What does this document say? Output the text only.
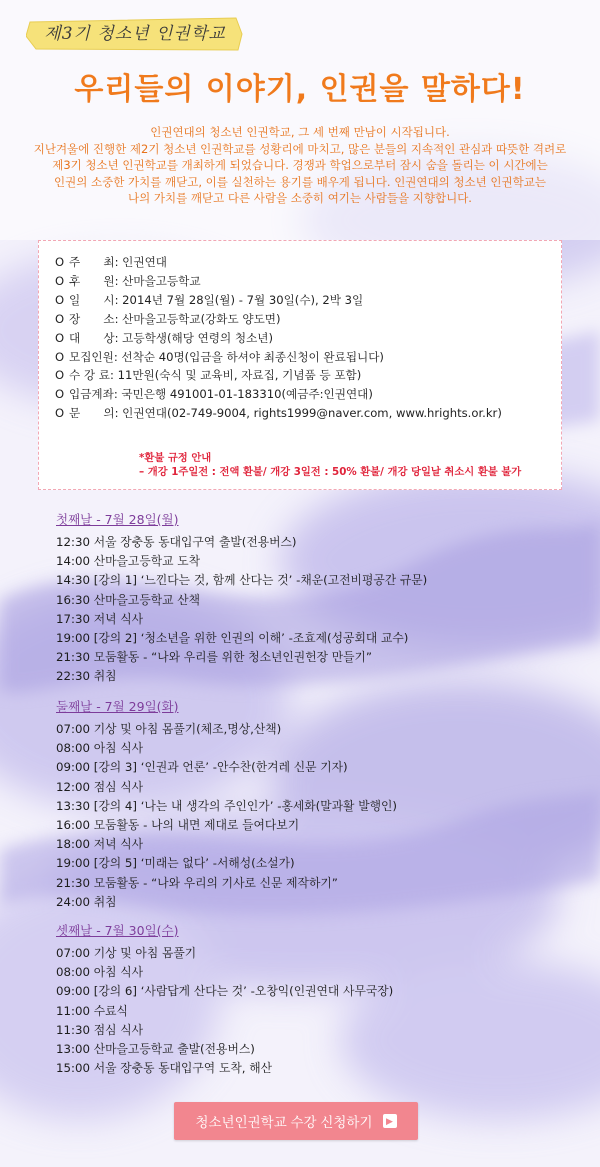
제3기 청소년 인권학교
우리들의 이야기, 인권을 말하다!
인권연대의 청소년 인권학교, 그 세 번째 만남이 시작됩니다.
지난겨울에 진행한 제2기 청소년 인권학교를 성황리에 마치고, 많은 분들의 지속적인 관심과 따뜻한 격려로
제3기 청소년 인권학교를 개최하게 되었습니다. 경쟁과 학업으로부터 잠시 숨을 돌리는 이 시간에는
인권의 소중한 가치를 깨닫고, 이를 실천하는 용기를 배우게 됩니다. 인권연대의 청소년 인권학교는
나의 가치를 깨닫고 다른 사람을 소중히 여기는 사람들을 지향합니다.
O 주　　최 : 인권연대
O 후　　원 : 산마을고등학교
O 일　　시 : 2014년 7월 28일(월) - 7월 30일(수), 2박 3일
O 장　　소 : 산마을고등학교(강화도 양도면)
O 대　　상 : 고등학생(해당 연령의 청소년)
O 모집인원 : 선착순 40명(입금을 하셔야 최종신청이 완료됩니다)
O 수 강 료 : 11만원(숙식 및 교육비, 자료집, 기념품 등 포함)
O 입금계좌 : 국민은행 491001-01-183310(예금주:인권연대)
O 문　　의 : 인권연대(02-749-9004, rights1999@naver.com, www.hrights.or.kr)
*환불 규정 안내
– 개강 1주일전 : 전액 환불/ 개강 3일전 : 50% 환불/ 개강 당일날 취소시 환불 불가
첫째날 - 7월 28일(월)
12:30 서울 장충동 동대입구역 출발(전용버스)
14:00 산마을고등학교 도착
14:30 [강의 1] ‘느낀다는 것, 함께 산다는 것’ -채운(고전비평공간 규문)
16:30 산마을고등학교 산책
17:30 저녁 식사
19:00 [강의 2] ‘청소년을 위한 인권의 이해’ -조효제(성공회대 교수)
21:30 모둠활동 - “나와 우리를 위한 청소년인권헌장 만들기”
22:30 취침
둘째날 - 7월 29일(화)
07:00 기상 및 아침 몸풀기(체조,명상,산책)
08:00 아침 식사
09:00 [강의 3] ‘인권과 언론’ -안수찬(한겨레 신문 기자)
12:00 점심 식사
13:30 [강의 4] ‘나는 내 생각의 주인인가’ -홍세화(말과활 발행인)
16:00 모둠활동 - 나의 내면 제대로 들여다보기
18:00 저녁 식사
19:00 [강의 5] ‘미래는 없다’ -서해성(소설가)
21:30 모둠활동 - “나와 우리의 기사로 신문 제작하기”
24:00 취침
셋째날 - 7월 30일(수)
07:00 기상 및 아침 몸풀기
08:00 아침 식사
09:00 [강의 6] ‘사람답게 산다는 것’ -오창익(인권연대 사무국장)
11:00 수료식
11:30 점심 식사
13:00 산마을고등학교 출발(전용버스)
15:00 서울 장충동 동대입구역 도착, 해산
청소년인권학교 수강 신청하기 ▶
